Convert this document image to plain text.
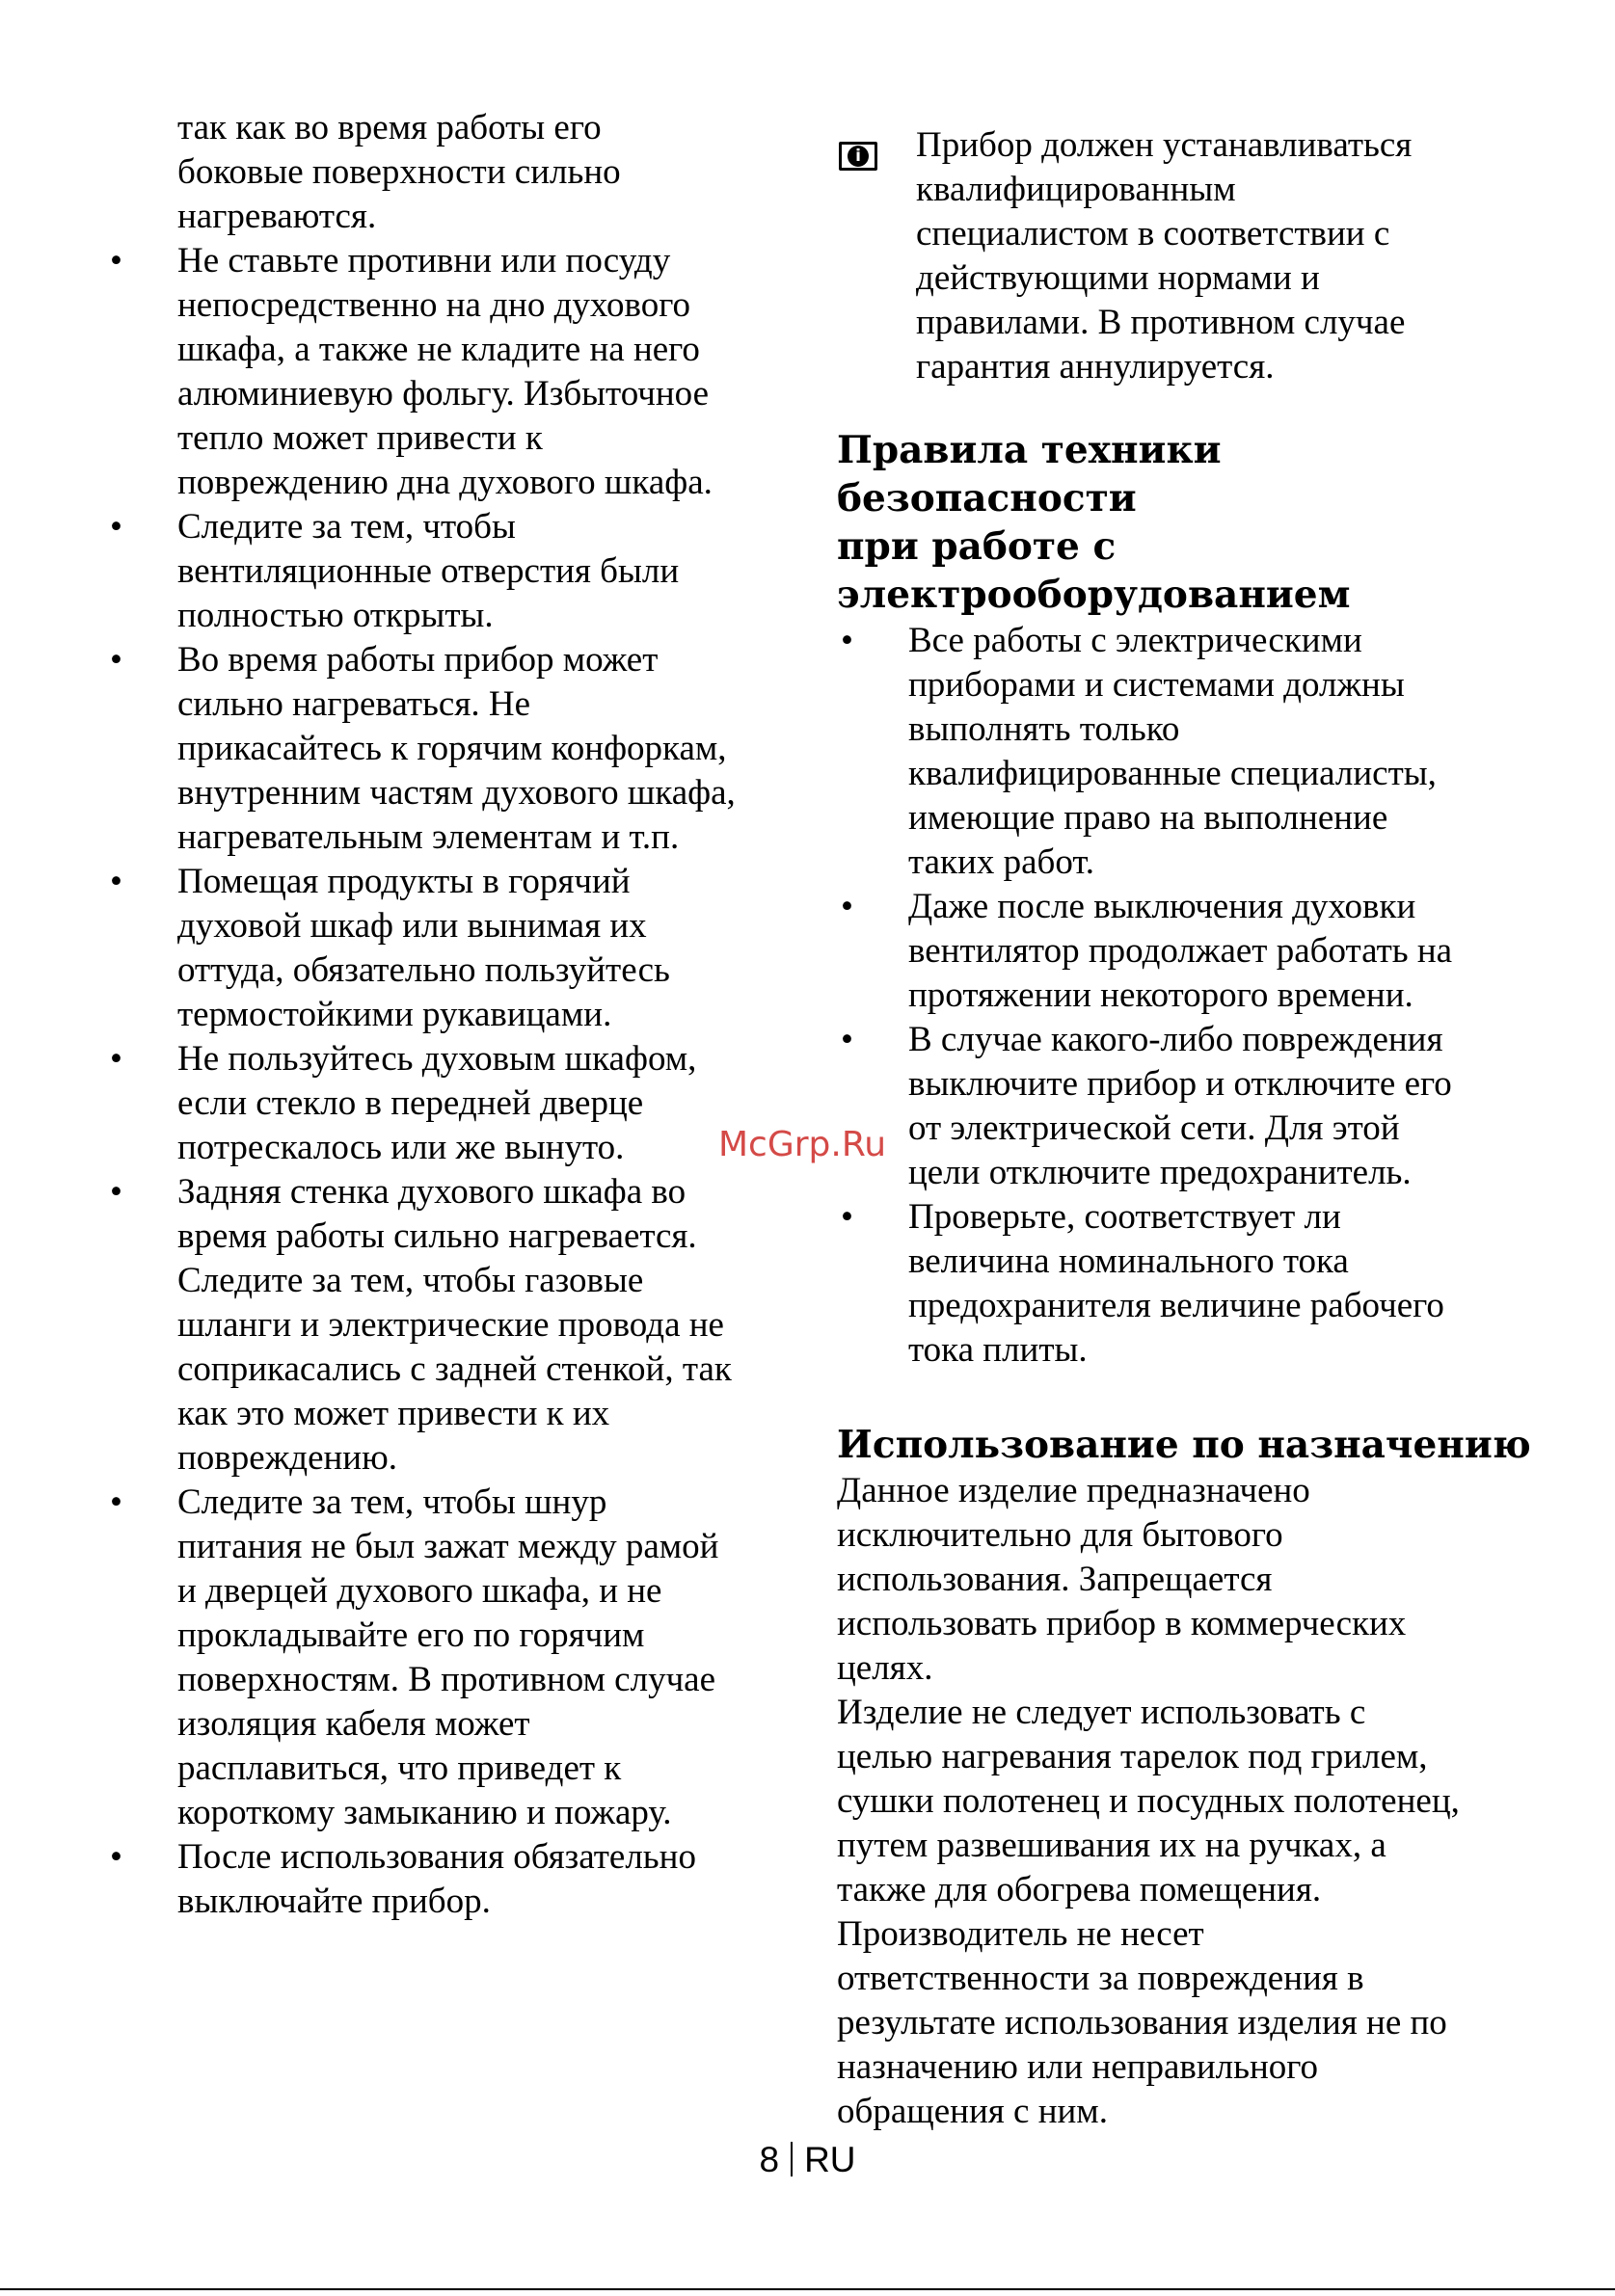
так как во время работы его
боковые поверхности сильно
нагреваются.
• Не ставьте противни или посуду
непосредственно на дно духового
шкафа, а также не кладите на него
алюминиевую фольгу. Избыточное
тепло может привести к
повреждению дна духового шкафа.
• Следите за тем, чтобы
вентиляционные отверстия были
полностью открыты.
• Во время работы прибор может
сильно нагреваться. Не
прикасайтесь к горячим конфоркам,
внутренним частям духового шкафа,
нагревательным элементам и т.п.
• Помещая продукты в горячий
духовой шкаф или вынимая их
оттуда, обязательно пользуйтесь
термостойкими рукавицами.
• Не пользуйтесь духовым шкафом,
если стекло в передней дверце
потрескалось или же вынуто.
• Задняя стенка духового шкафа во
время работы сильно нагревается.
Следите за тем, чтобы газовые
шланги и электрические провода не
соприкасались с задней стенкой, так
как это может привести к их
повреждению.
• Следите за тем, чтобы шнур
питания не был зажат между рамой
и дверцей духового шкафа, и не
прокладывайте его по горячим
поверхностям. В противном случае
изоляция кабеля может
расплавиться, что приведет к
короткому замыканию и пожару.
• После использования обязательно
выключайте прибор.
i Прибор должен устанавливаться
квалифицированным
специалистом в соответствии с
действующими нормами и
правилами. В противном случае
гарантия аннулируется.
Правила техники безопасности
при работе с
электрооборудованием
• Все работы с электрическими
приборами и системами должны
выполнять только
квалифицированные специалисты,
имеющие право на выполнение
таких работ.
• Даже после выключения духовки
вентилятор продолжает работать на
протяжении некоторого времени.
• В случае какого-либо повреждения
выключите прибор и отключите его
от электрической сети. Для этой
цели отключите предохранитель.
• Проверьте, соответствует ли
величина номинального тока
предохранителя величине рабочего
тока плиты.
Использование по назначению
Данное изделие предназначено
исключительно для бытового
использования. Запрещается
использовать прибор в коммерческих
целях.
Изделие не следует использовать с
целью нагревания тарелок под грилем,
сушки полотенец и посудных полотенец,
путем развешивания их на ручках, а
также для обогрева помещения.
Производитель не несет
ответственности за повреждения в
результате использования изделия не по
назначению или неправильного
обращения с ним.
McGrp.Ru
8 RU
